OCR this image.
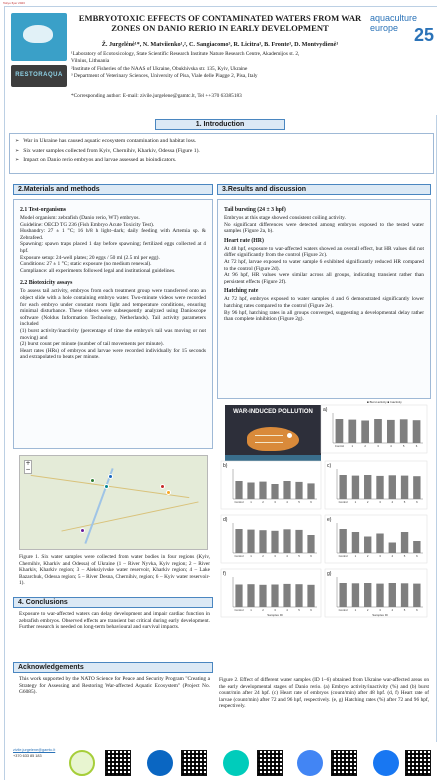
Tokyo flyer 2023
RESTORAQUA
EMBRYOTOXIC EFFECTS OF CONTAMINATED WATERS FROM WAR ZONES ON DANIO RERIO IN EARLY DEVELOPMENT
Ž. Jurgelėnė¹*, N. Matviienko¹,², C. Sangiacomo³, R. Licitra³, B. Fronte³, D. Montvydienė¹
¹Laboratory of Ecotoxicology, State Scientific Research Institute Nature Research Centre, Akademijos st. 2,
Vilnius, Lithuania
²Institute of Fisheries of the NAAS of Ukraine, Obukhivska str. 135, Kyiv, Ukraine
³ Department of Veterinary Sciences, University of Pisa, Viale delle Piagge 2, Pisa, Italy
*Corresponding author: E-mail: zivile.jurgelene@gamtc.lt, Tel ++370 63385183
aquaculture
europe 25
1. Introduction
➢ War in Ukraine has caused aquatic ecosystem contamination and habitat loss.
➢ Six water samples collected from Kyiv, Chernihiv, Kharkiv, Odessa (Figure 1).
➢ Impact on Danio rerio embryos and larvae assessed as bioindicators.
2.Materials and methods	3.Results and discussion
2.1 Test-organisms

Model organism: zebrafish (Danio rerio, WT) embryos.

Guideline: OECD TG 236 (Fish Embryo Acute Toxicity Test).

Husbandry: 27 ± 1 °C; 16 h/8 h light–dark; daily feeding with Artemia sp. & Zebrafeed.

Spawning: spawn traps placed 1 day before spawning; fertilized eggs collected at 4 hpf.

Exposure setup: 24-well plates; 20 eggs / 50 ml (2.5 ml per egg).

Conditions: 27 ± 1 °C; static exposure (no medium renewal).

Compliance: all experiments followed legal and institutional guidelines.

2.2 Biotoxicity assays

To assess tail activity, embryos from each treatment group were transferred onto an object slide with a hole containing embryo water. Two-minute videos were recorded for each embryo under constant room light and temperature conditions, ensuring minimal disturbance. These videos were subsequently analyzed using Danioscope software (Noldus Information Technology, Netherlands). Tail activity parameters included

(1) burst activity/inactivity (percentage of time the embryo's tail was moving or not moving) and

(2) burst count per minute (number of tail movements per minute).

Heart rates (HRs) of embryos and larvae were recorded individually for 15 seconds and extrapolated to beats per minute.

+
−
Figure 1. Six water samples were collected from water bodies in four regions (Kyiv, Chernihiv, Kharkiv and Odessa) of Ukraine (1 – River Nyvka, Kyiv region; 2 – River Kharkiv, Kharkiv region; 3 – Aleksiyivske water reservoir, Kharkiv region; 4 – Lake Bazarchuk, Odessa region; 5 – River Desna, Chernihiv, region; 6 – Kyiv water reservoir-1).
4. Conclusions
Exposure to war-affected waters can delay development and impair cardiac function in zebrafish embryos. Observed effects are transient but critical during early development. Further research is needed on long-term behavioural and survival impacts.
Acknowledgements
This work supported by the NATO Science for Peace and Security Program "Creating a Strategy for Assessing and Restoring War-affected Aquatic Ecosystem" (Project No. G6085).
Tail bursting (24 ± 3 hpf)

Embryos at this stage showed consistent coiling activity.

No significant differences were detected among embryos exposed to the tested water samples (Figure 2a, b).

Heart rate (HR)

At 48 hpf, exposure to war-affected waters showed an overall effect, but HR values did not differ significantly from the control (Figure 2c).

At 72 hpf, larvae exposed to water sample 6 exhibited significantly reduced HR compared to the control (Figure 2d).

At 96 hpf, HR values were similar across all groups, indicating transient rather than persistent effects (Figure 2f).

Hatching rate

At 72 hpf, embryos exposed to water samples 4 and 6 demonstrated significantly lower hatching rates compared to the control (Figure 2e).

By 96 hpf, hatching rates in all groups converged, suggesting a developmental delay rather than complete inhibition (Figure 2g).

WAR-INDUCED POLLUTION	a)
Control	1	2	3	4	5	6
b)
Control 1	2	3	4	5	6
c)
Control 1	2	3	4	5	6
d)
Control 1	2	3	4	5	6
e)
Control 1	2	3	4	5	6
f)
Control 1	2	3	4	5	6
Samples ID
g)
Control 1	2	3	4	5	6
Samples ID
■ Burst activity ■ Inactivity
Figure 2. Effect of different water samples (ID 1–6) obtained from Ukraine war-affected areas on the early developmental stages of Danio rerio. (a) Embryo activity/inactivity (%) and (b) burst count/min after 24 hpf. (c) Heart rate of embryos (count/min) after 48 hpf. (d, f) Heart rate of larvae (count/min) after 72 and 96 hpf, respectively. (e, g) Hatching rates (%) after 72 and 96 hpf, respectively.
zivile.jurgelene@gamtc.lt
+370 633 85 183
